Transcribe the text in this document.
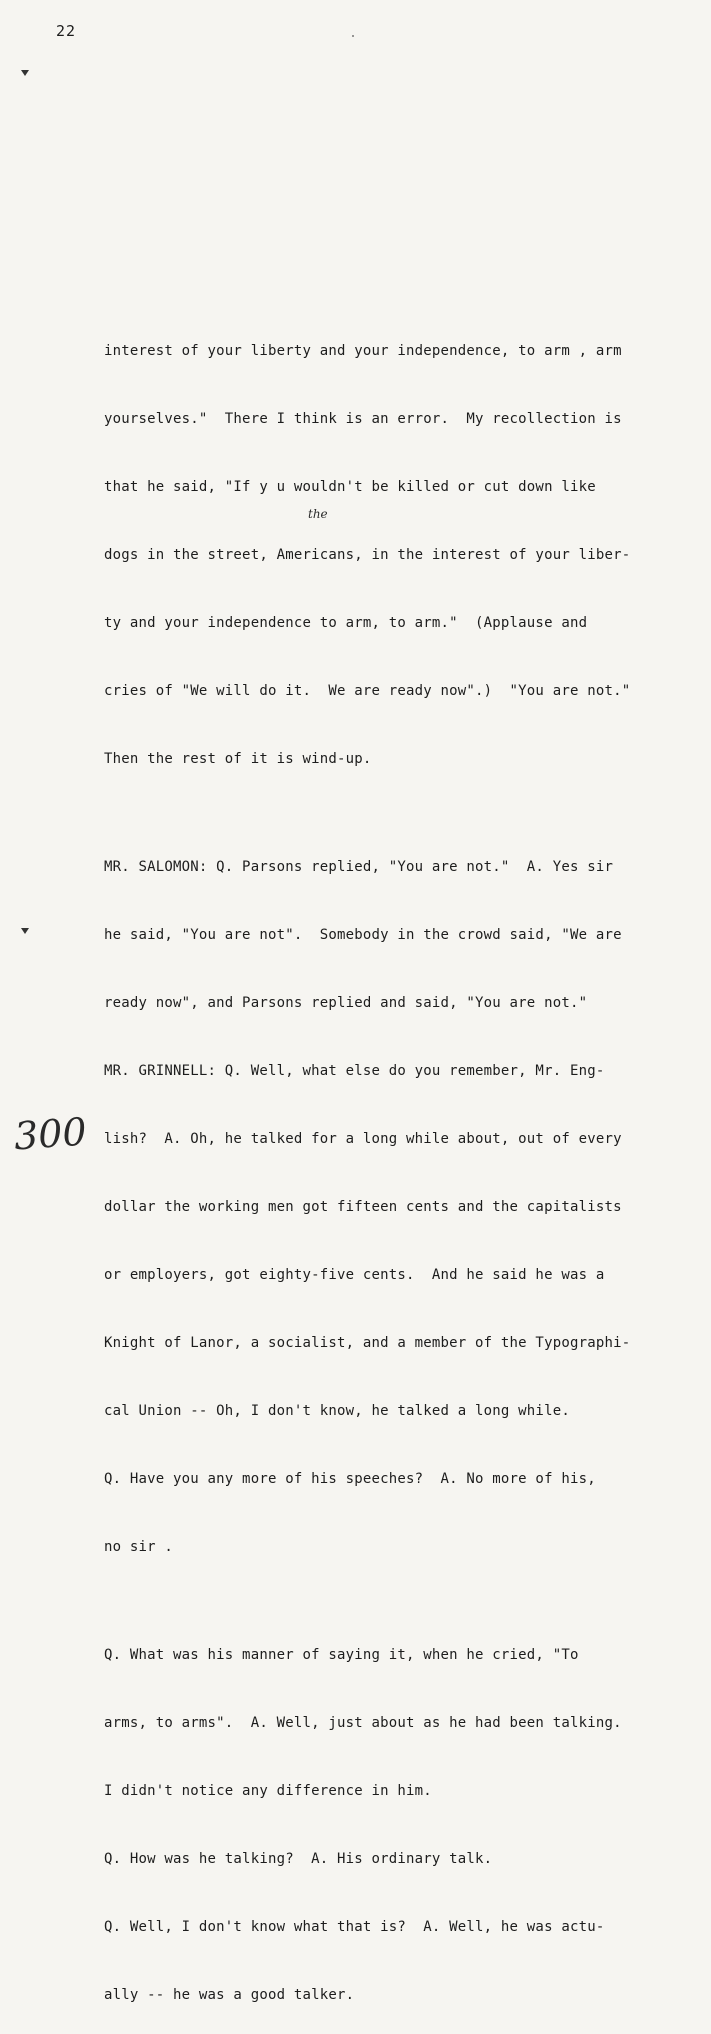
22

interest of your liberty and your independence, to arm , arm

yourselves."  There I think is an error.  My recollection is

that he said, "If y u wouldn't be killed or cut down like

dogs in the street, Americans, in the interest of your liber-

ty and your independence to arm, to arm."  (Applause and

cries of "We will do it.  We are ready now".)  "You are not."

Then the rest of it is wind-up.

MR. SALOMON: Q. Parsons replied, "You are not."  A. Yes sir

he said, "You are not".  Somebody in the crowd said, "We are

ready now", and Parsons replied and said, "You are not."

MR. GRINNELL: Q. Well, what else do you remember, Mr. Eng-

lish?  A. Oh, he talked for a long while about, out of every

dollar the working men got fifteen cents and the capitalists

or employers, got eighty-five cents.  And he said he was a

Knight of Lanor, a socialist, and a member of the Typographi-

cal Union -- Oh, I don't know, he talked a long while.

Q. Have you any more of his speeches?  A. No more of his,

no sir .

Q. What was his manner of saying it, when he cried, "To

arms, to arms".  A. Well, just about as he had been talking.

I didn't notice any difference in him.

Q. How was he talking?  A. His ordinary talk.

Q. Well, I don't know what that is?  A. Well, he was actu-

ally -- he was a good talker.

the
300
